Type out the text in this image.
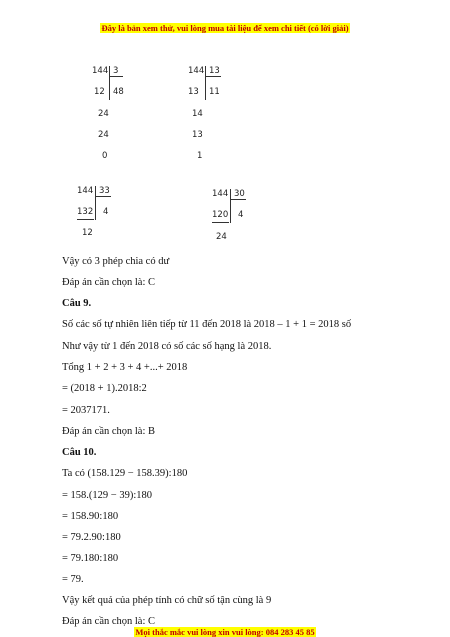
Đây là bản xem thử, vui lòng mua tài liệu để xem chi tiết (có lời giải)
144 3
12 48
24
24
0
144 13
13 11
14
13
1
144 33
132 4
12
144 30
120 4
24
Vậy có 3 phép chia có dư
Đáp án cần chọn là: C
Câu 9.
Số các số tự nhiên liên tiếp từ 11 đến 2018 là 2018 – 1 + 1 = 2018 số
Như vậy từ 1 đến 2018 có số các số hạng là 2018.
Tổng 1 + 2 + 3 + 4 +...+ 2018
= (2018 + 1).2018:2
= 2037171.
Đáp án cần chọn là: B
Câu 10.
Ta có (158.129 − 158.39):180
= 158.(129 − 39):180
= 158.90:180
= 79.2.90:180
= 79.180:180
= 79.
Vậy kết quả của phép tính có chữ số tận cùng là 9
Đáp án cần chọn là: C
Mọi thắc mắc vui lòng xin vui lòng: 084 283 45 85
